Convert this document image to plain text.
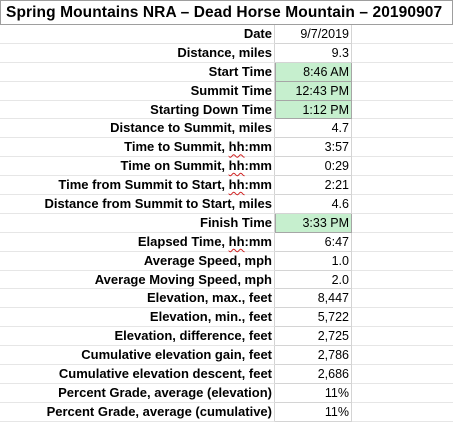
Spring Mountains NRA – Dead Horse Mountain – 20190907
Date	9/7/2019
Distance, miles	9.3
Start Time	8:46 AM
Summit Time	12:43 PM
Starting Down Time	1:12 PM
Distance to Summit, miles	4.7
Time to Summit, hh:mm	3:57
Time on Summit, hh:mm	0:29
Time from Summit to Start, hh:mm	2:21
Distance from Summit to Start, miles	4.6
Finish Time	3:33 PM
Elapsed Time, hh:mm	6:47
Average Speed, mph	1.0
Average Moving Speed, mph	2.0
Elevation, max., feet	8,447
Elevation, min., feet	5,722
Elevation, difference, feet	2,725
Cumulative elevation gain, feet	2,786
Cumulative elevation descent, feet	2,686
Percent Grade, average (elevation)	11%
Percent Grade, average (cumulative)	11%
